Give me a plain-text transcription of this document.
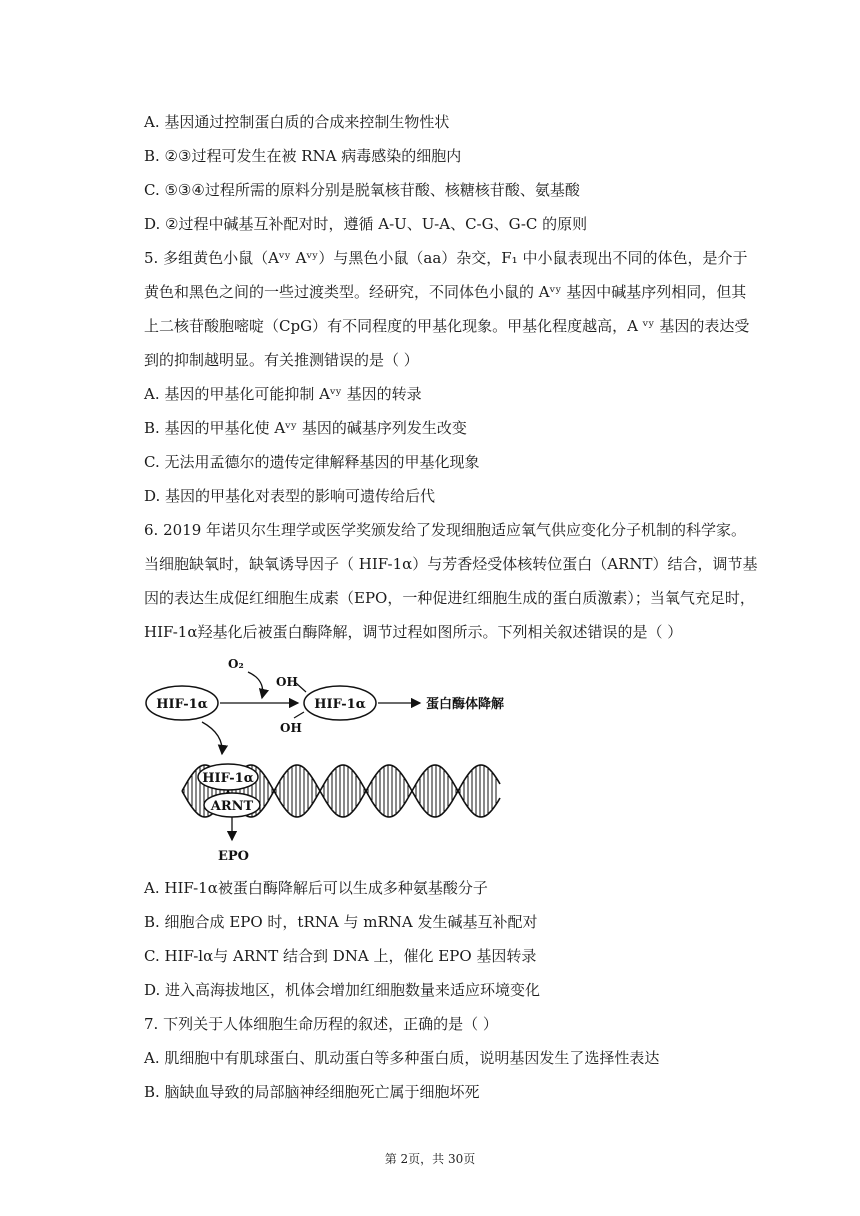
A. 基因通过控制蛋白质的合成来控制生物性状
B. ②③过程可发生在被 RNA 病毒感染的细胞内
C. ⑤③④过程所需的原料分别是脱氧核苷酸、核糖核苷酸、氨基酸
D. ②过程中碱基互补配对时，遵循 A-U、U-A、C-G、G-C 的原则
5. 多组黄色小鼠（Aᵛʸ Aᵛʸ）与黑色小鼠（aa）杂交，F₁ 中小鼠表现出不同的体色，是介于
黄色和黑色之间的一些过渡类型。经研究，不同体色小鼠的 Aᵛʸ 基因中碱基序列相同，但其
上二核苷酸胞嘧啶（CpG）有不同程度的甲基化现象。甲基化程度越高，A ᵛʸ 基因的表达受
到的抑制越明显。有关推测错误的是（ ）
A. 基因的甲基化可能抑制 Aᵛʸ 基因的转录
B. 基因的甲基化使 Aᵛʸ 基因的碱基序列发生改变
C. 无法用孟德尔的遗传定律解释基因的甲基化现象
D. 基因的甲基化对表型的影响可遗传给后代
6. 2019 年诺贝尔生理学或医学奖颁发给了发现细胞适应氧气供应变化分子机制的科学家。
当细胞缺氧时，缺氧诱导因子（ HIF-1α）与芳香烃受体核转位蛋白（ARNT）结合，调节基
因的表达生成促红细胞生成素（EPO，一种促进红细胞生成的蛋白质激素）；当氧气充足时，
HIF-1α羟基化后被蛋白酶降解，调节过程如图所示。下列相关叙述错误的是（ ）
A. HIF-1α被蛋白酶降解后可以生成多种氨基酸分子
B. 细胞合成 EPO 时，tRNA 与 mRNA 发生碱基互补配对
C. HIF-lα与 ARNT 结合到 DNA 上，催化 EPO 基因转录
D. 进入高海拔地区，机体会增加红细胞数量来适应环境变化
7. 下列关于人体细胞生命历程的叙述，正确的是（ ）
A. 肌细胞中有肌球蛋白、肌动蛋白等多种蛋白质，说明基因发生了选择性表达
B. 脑缺血导致的局部脑神经细胞死亡属于细胞坏死
O₂
HIF-1α
OH
OH
HIF-1α	蛋白酶体降解
HIF-1α
ARNT
EPO
第 2页，共 30页
